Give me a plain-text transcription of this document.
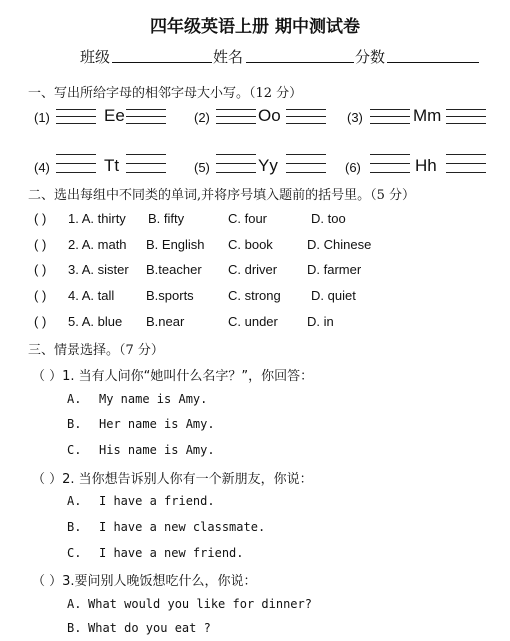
四年级英语上册 期中测试卷
班级	姓名	分数
一、写出所给字母的相邻字母大小写。（12 分）
(1)	Ee	(2)	Oo	(3)	Mm
(4)	Tt	(5)	Yy	(6)	Hh
二、选出每组中不同类的单词,并将序号填入题前的括号里。（5 分）
( ) 1. A. thirty B. fifty	C. four	D. too
( ) 2. A. math B. English C. book	D. Chinese
( ) 3. A. sister B.teacher C. driver D. farmer
( ) 4. A. tall B.sports	C. strong D. quiet
( ) 5. A. blue B.near	C. under D. in
三、情景选择。（7 分）
（ ）1. 当有人问你“她叫什么名字？”，你回答：
A. My name is Amy.
B. Her name is Amy.
C. His name is Amy.
（ ）2. 当你想告诉别人你有一个新朋友，你说：
A. I have a friend.
B. I have a new classmate.
C. I have a new friend.
（ ）3.要问别人晚饭想吃什么，你说：
A. What would you like for dinner?
B. What do you eat ?
